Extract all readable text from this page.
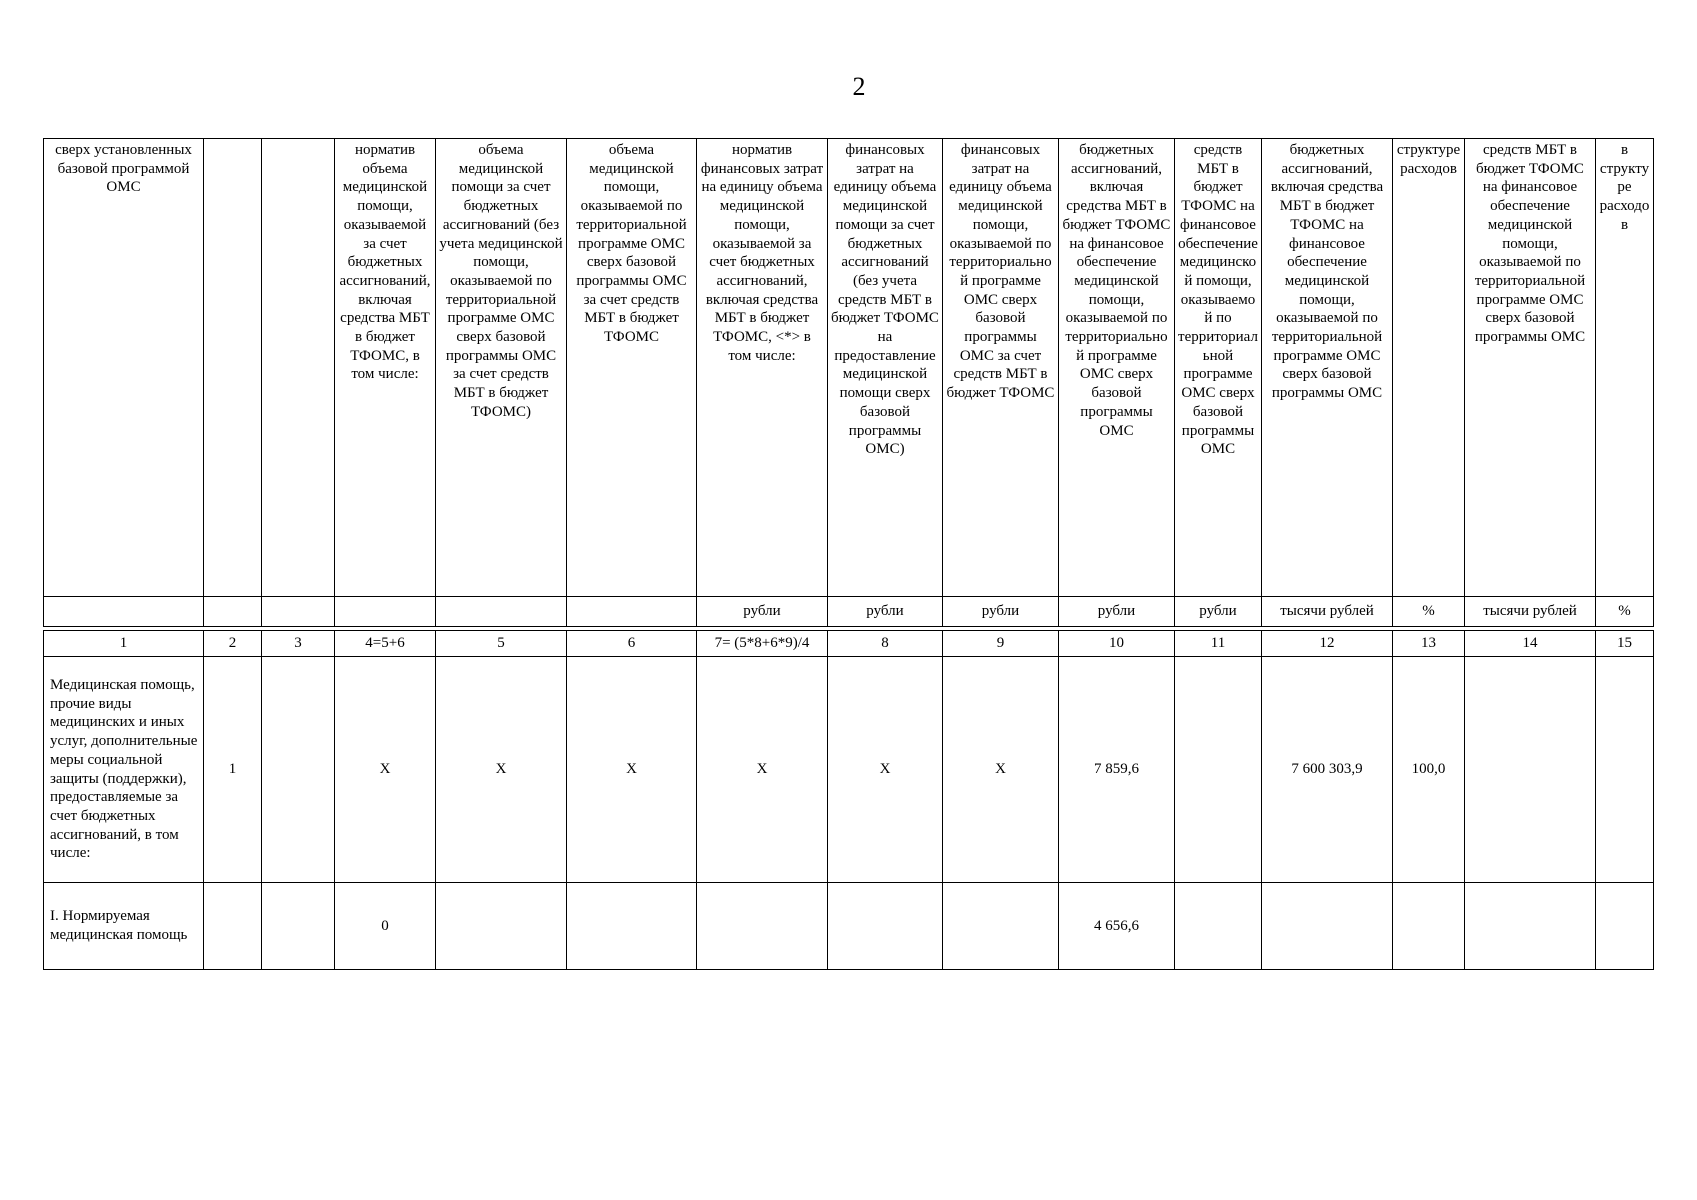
2
сверх установленных базовой программой ОМС			норматив объема медицинской помощи, оказываемой за счет бюджетных ассигнований, включая средства МБТ в бюджет ТФОМС, в том числе:	объема медицинской помощи за счет бюджетных ассигнований (без учета медицинской помощи, оказываемой по территориальной программе ОМС сверх базовой программы ОМС за счет средств МБТ в бюджет ТФОМС)	объема медицинской помощи, оказываемой по территориальной программе ОМС сверх базовой программы ОМС за счет средств МБТ в бюджет ТФОМС	норматив финансовых затрат на единицу объема медицинской помощи, оказываемой за счет бюджетных ассигнований, включая средства МБТ в бюджет ТФОМС, <*> в том числе:	финансовых затрат на единицу объема медицинской помощи за счет бюджетных ассигнований (без учета средств МБТ в бюджет ТФОМС на предоставление медицинской помощи сверх базовой программы ОМС)	финансовых затрат на единицу объема медицинской помощи, оказываемой по территориальной программе ОМС сверх базовой программы ОМС за счет средств МБТ в бюджет ТФОМС	бюджетных ассигнований, включая средства МБТ в бюджет ТФОМС на финансовое обеспечение медицинской помощи, оказываемой по территориальной программе ОМС сверх базовой программы ОМС	средств МБТ в бюджет ТФОМС на финансовое обеспечение медицинской помощи, оказываемой по территориальной программе ОМС сверх базовой программы ОМС	бюджетных ассигнований, включая средства МБТ в бюджет ТФОМС на финансовое обеспечение медицинской помощи, оказываемой по территориальной программе ОМС сверх базовой программы ОМС	структуре расходов	средств МБТ в бюджет ТФОМС на финансовое обеспечение медицинской помощи, оказываемой по территориальной программе ОМС сверх базовой программы ОМС	в структуре расходов
						рубли	рубли	рубли	рубли	рубли	тысячи рублей	%	тысячи рублей	%

1	2	3	4=5+6	5	6	7= (5*8+6*9)/4	8	9	10	11	12	13	14	15
Медицинская помощь, прочие виды медицинских и иных услуг, дополнительные меры социальной защиты (поддержки), предоставляемые за счет бюджетных ассигнований, в том числе:	1		Х	Х	Х	Х	Х	Х	7 859,6		7 600 303,9	100,0		
I. Нормируемая медицинская помощь			0						4 656,6					
